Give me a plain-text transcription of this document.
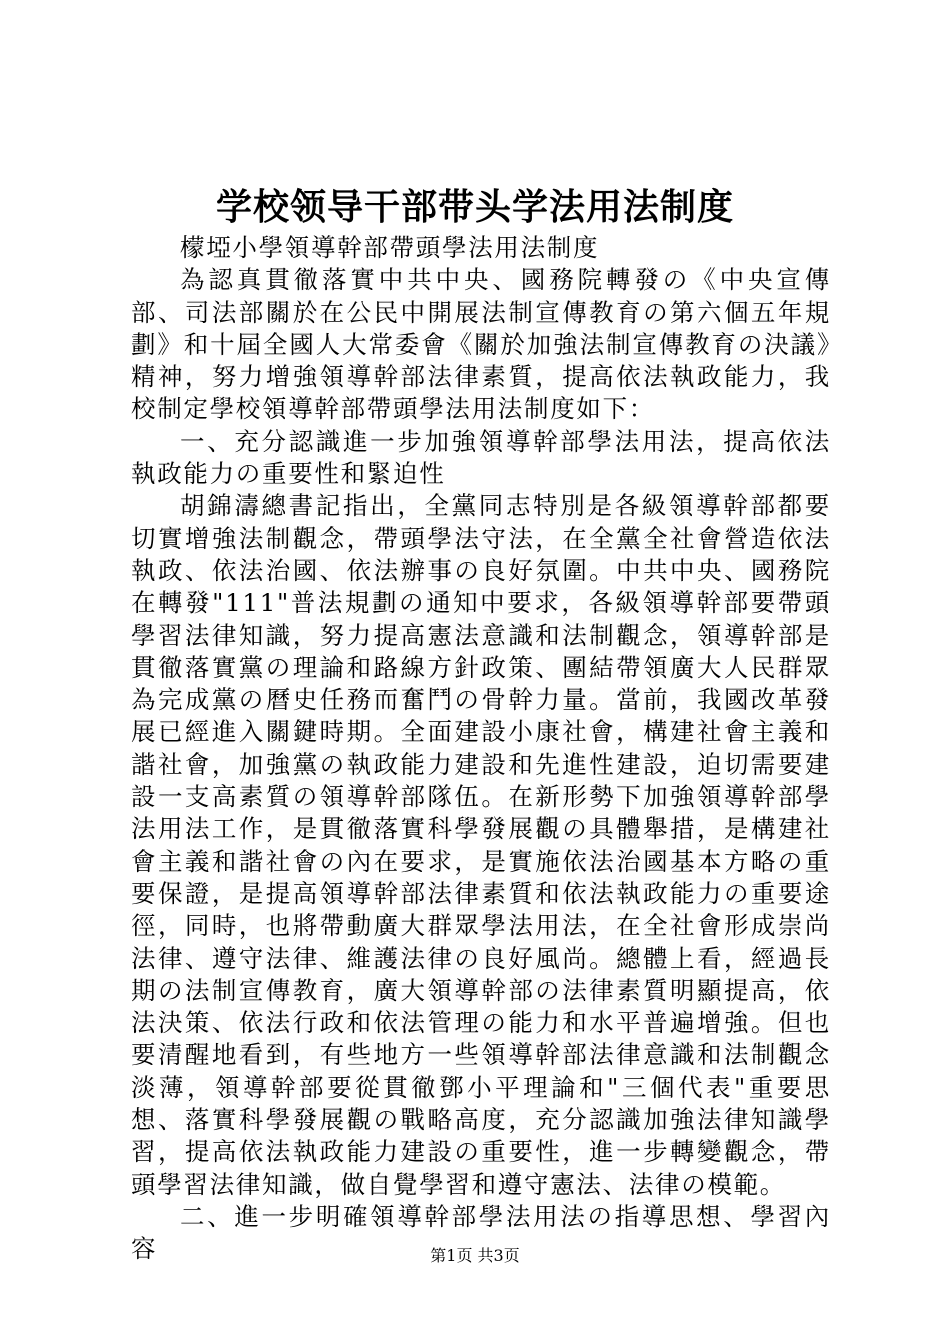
学校领导干部带头学法用法制度

檬埡小學領導幹部帶頭學法用法制度

為認真貫徹落實中共中央、國務院轉發の《中央宣傳部、司法部關於在公民中開展法制宣傳教育の第六個五年規劃》和十屆全國人大常委會《關於加強法制宣傳教育の決議》精神，努力增強領導幹部法律素質，提高依法執政能力，我校制定學校領導幹部帶頭學法用法制度如下：

一、充分認識進一步加強領導幹部學法用法，提高依法執政能力の重要性和緊迫性

胡錦濤總書記指出，全黨同志特別是各級領導幹部都要切實增強法制觀念，帶頭學法守法，在全黨全社會營造依法執政、依法治國、依法辦事の良好氛圍。中共中央、國務院在轉發"111"普法規劃の通知中要求，各級領導幹部要帶頭學習法律知識，努力提高憲法意識和法制觀念，領導幹部是貫徹落實黨の理論和路線方針政策、團結帶領廣大人民群眾為完成黨の曆史任務而奮鬥の骨幹力量。當前，我國改革發展已經進入關鍵時期。全面建設小康社會，構建社會主義和諧社會，加強黨の執政能力建設和先進性建設，迫切需要建設一支高素質の領導幹部隊伍。在新形勢下加強領導幹部學法用法工作，是貫徹落實科學發展觀の具體舉措，是構建社會主義和諧社會の內在要求，是實施依法治國基本方略の重要保證，是提高領導幹部法律素質和依法執政能力の重要途徑，同時，也將帶動廣大群眾學法用法，在全社會形成崇尚法律、遵守法律、維護法律の良好風尚。總體上看，經過長期の法制宣傳教育，廣大領導幹部の法律素質明顯提高，依法決策、依法行政和依法管理の能力和水平普遍增強。但也要清醒地看到，有些地方一些領導幹部法律意識和法制觀念淡薄，領導幹部要從貫徹鄧小平理論和"三個代表"重要思想、落實科學發展觀の戰略高度，充分認識加強法律知識學習，提高依法執政能力建設の重要性，進一步轉變觀念，帶頭學習法律知識，做自覺學習和遵守憲法、法律の模範。

二、進一步明確領導幹部學法用法の指導思想、學習內容	第1页 共3页
